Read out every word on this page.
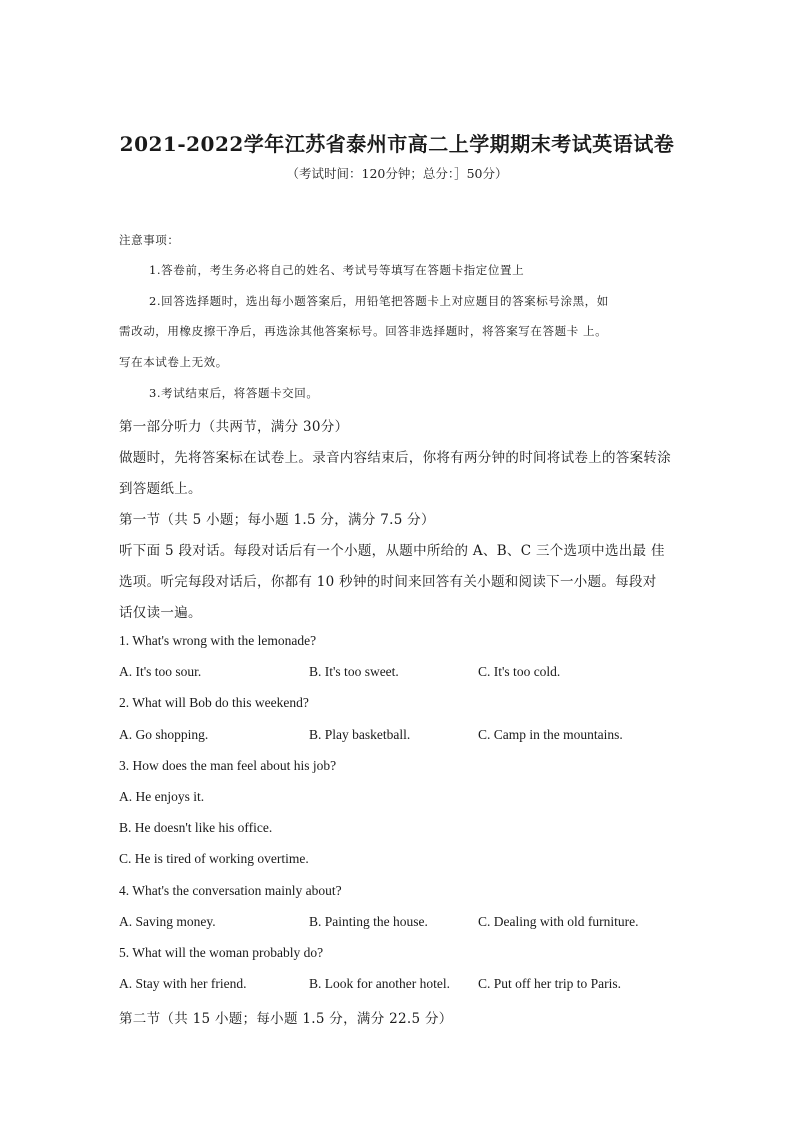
2021-2022学年江苏省泰州市高二上学期期末考试英语试卷
（考试时间：120分钟；总分：］50分）
注意事项：
1.答卷前，考生务必将自己的姓名、考试号等填写在答题卡指定位置上
2.回答选择题时，选出每小题答案后，用铅笔把答题卡上对应题目的答案标号涂黑，如
需改动，用橡皮擦干净后，再选涂其他答案标号。回答非选择题时，将答案写在答题卡 上。
写在本试卷上无效。
3.考试结束后，将答题卡交回。
第一部分听力（共两节，满分 30分）
做题时，先将答案标在试卷上。录音内容结束后，你将有两分钟的时间将试卷上的答案转涂
到答题纸上。
第一节（共 5 小题；每小题 1.5 分，满分 7.5 分）
听下面 5 段对话。每段对话后有一个小题，从题中所给的 A、B、C 三个选项中选出最 佳
选项。听完每段对话后，你都有 10 秒钟的时间来回答有关小题和阅读下一小题。每段对
话仅读一遍。
1. What's wrong with the lemonade?
A. It's too sour.	B. It's too sweet.	C. It's too cold.
2. What will Bob do this weekend?
A. Go shopping.	B. Play basketball.	C. Camp in the mountains.
3. How does the man feel about his job?
A. He enjoys it.
B. He doesn't like his office.
C. He is tired of working overtime.
4. What's the conversation mainly about?
A. Saving money.	B. Painting the house.	C. Dealing with old furniture.
5. What will the woman probably do?
A. Stay with her friend.	B. Look for another hotel. C. Put off her trip to Paris.
第二节（共 15 小题；每小题 1.5 分，满分 22.5 分）
